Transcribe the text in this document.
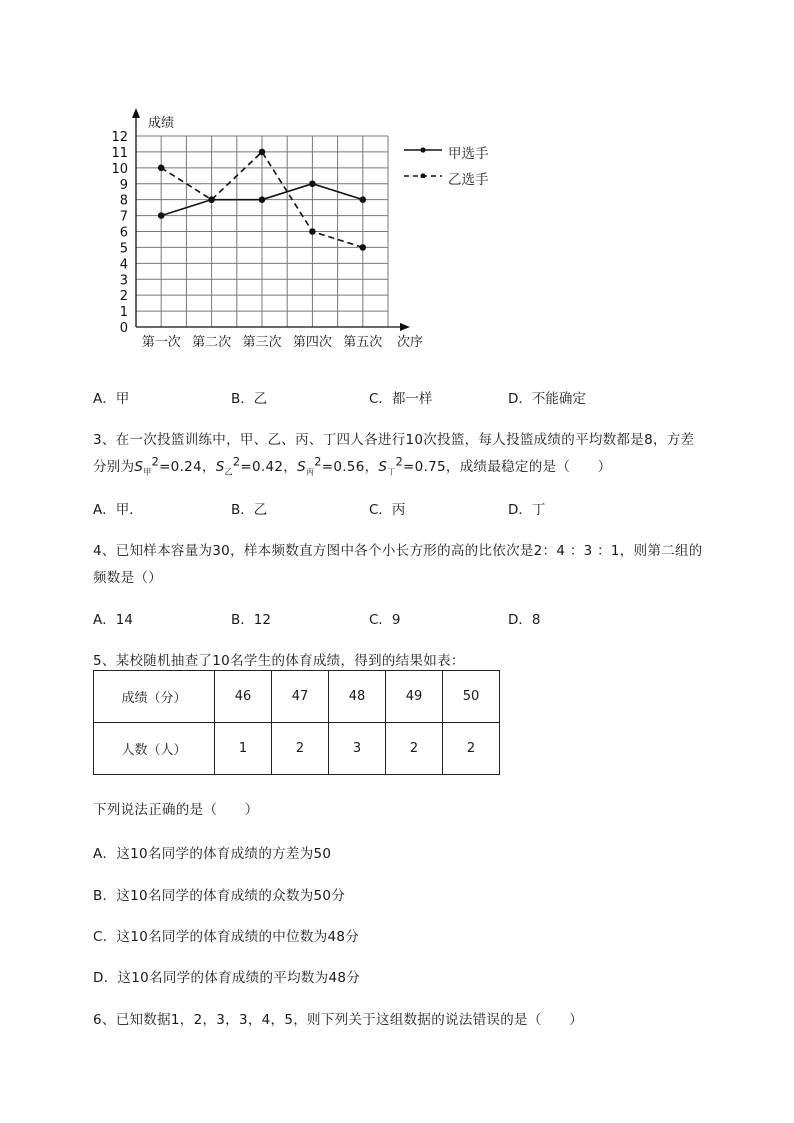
0
1
2
3
4
5
6
7
8
9
10
11
12
成绩
次序
第一次 第二次 第三次 第四次 第五次
A．甲	B．乙	C．都一样	D．不能确定
3、在一次投篮训练中，甲、乙、丙、丁四人各进行10次投篮，每人投篮成绩的平均数都是8，方差
分别为$S_甲^2=0.24$，$S_乙^2=0.42$，$S_丙^2=0.56$，$S_丁^2=0.75$，成绩最稳定的是（　　）
A．甲．	B．乙	C．丙	D．丁
4、已知样本容量为30，样本频数直方图中各个小长方形的高的比依次是2：4 ：3 ：1，则第二组的
频数是（）
A．14	B．12	C．9	D．8
5、某校随机抽查了10名学生的体育成绩，得到的结果如表：
成绩（分）	46	47	48	49	50
人数（人）	1	2	3	2	2
下列说法正确的是（　　）
A．这10名同学的体育成绩的方差为50
B．这10名同学的体育成绩的众数为50分
C．这10名同学的体育成绩的中位数为48分
D．这10名同学的体育成绩的平均数为48分
6、已知数据1，2，3，3，4，5，则下列关于这组数据的说法错误的是（　　）
甲选手
乙选手
